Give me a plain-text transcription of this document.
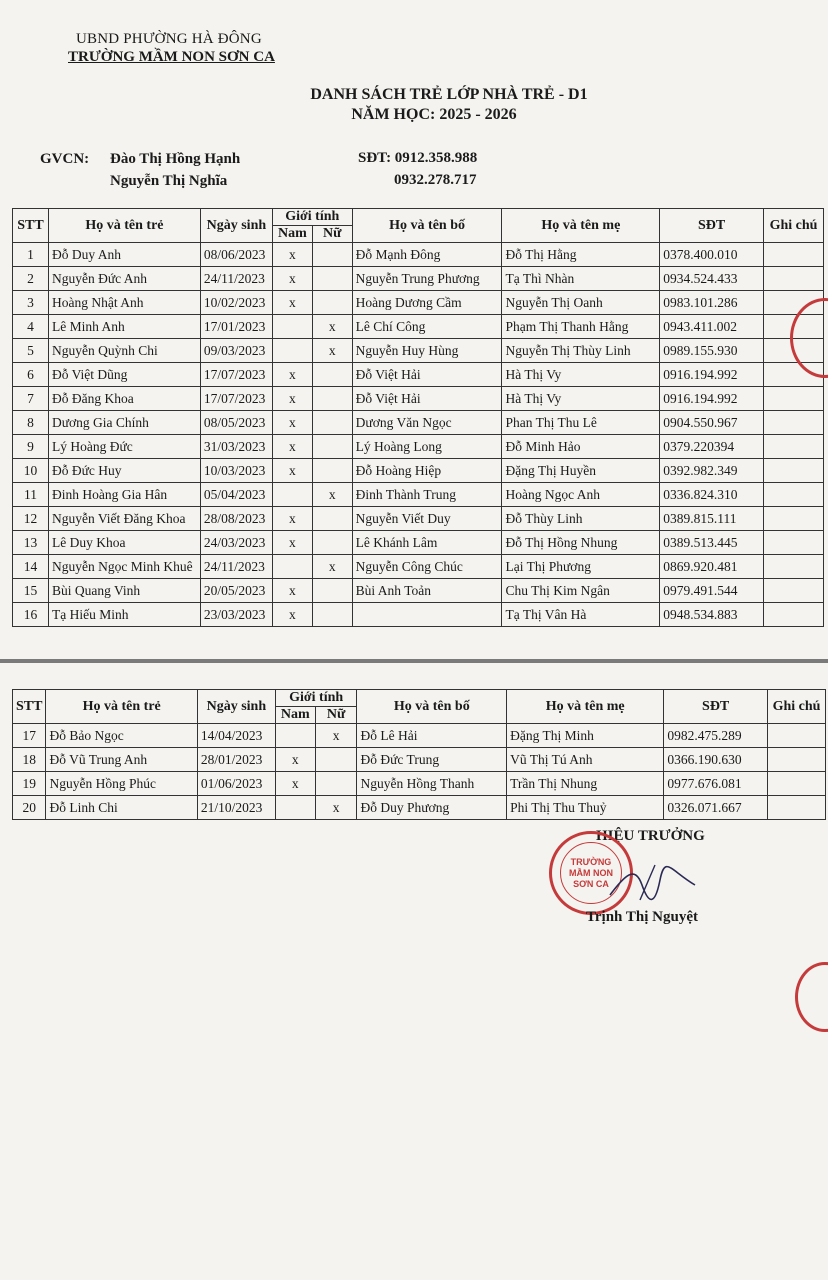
UBND PHƯỜNG HÀ ĐÔNG
TRƯỜNG MẦM NON SƠN CA
DANH SÁCH TRẺ LỚP NHÀ TRẺ - D1
NĂM HỌC: 2025 - 2026
GVCN: Đào Thị Hồng Hạnh
Nguyễn Thị Nghĩa
SĐT: 0912.358.988
0932.278.717
STT	Họ và tên trẻ	Ngày sinh	Giới tính		Họ và tên bố	Họ và tên mẹ	SĐT	Ghi chú
			Nam	Nữ				
1	Đỗ Duy Anh	08/06/2023	x		Đỗ Mạnh Đông	Đỗ Thị Hằng	0378.400.010	
2	Nguyễn Đức Anh	24/11/2023	x		Nguyễn Trung Phương	Tạ Thì Nhàn	0934.524.433	
3	Hoàng Nhật Anh	10/02/2023	x		Hoàng Dương Cầm	Nguyễn Thị Oanh	0983.101.286	
4	Lê Minh Anh	17/01/2023		x	Lê Chí Công	Phạm Thị Thanh Hằng	0943.411.002	
5	Nguyễn Quỳnh Chi	09/03/2023		x	Nguyễn Huy Hùng	Nguyễn Thị Thùy Linh	0989.155.930	
6	Đỗ Việt Dũng	17/07/2023	x		Đỗ Việt Hải	Hà Thị Vy	0916.194.992	
7	Đỗ Đăng Khoa	17/07/2023	x		Đỗ Việt Hải	Hà Thị Vy	0916.194.992	
8	Dương Gia Chính	08/05/2023	x		Dương Văn Ngọc	Phan Thị Thu Lê	0904.550.967	
9	Lý Hoàng Đức	31/03/2023	x		Lý Hoàng Long	Đỗ Minh Hảo	0379.220394	
10	Đỗ Đức Huy	10/03/2023	x		Đỗ Hoàng Hiệp	Đặng Thị Huyền	0392.982.349	
11	Đinh Hoàng Gia Hân	05/04/2023		x	Đinh Thành Trung	Hoàng Ngọc Anh	0336.824.310	
12	Nguyễn Viết Đăng Khoa	28/08/2023	x		Nguyễn Viết Duy	Đỗ Thùy Linh	0389.815.111	
13	Lê Duy Khoa	24/03/2023	x		Lê Khánh Lâm	Đỗ Thị Hồng Nhung	0389.513.445	
14	Nguyễn Ngọc Minh Khuê	24/11/2023		x	Nguyễn Công Chúc	Lại Thị Phương	0869.920.481	
15	Bùi Quang Vinh	20/05/2023	x		Bùi Anh Toản	Chu Thị Kim Ngân	0979.491.544	
16	Tạ Hiếu Minh	23/03/2023	x			Tạ Thị Vân Hà	0948.534.883	
STT	Họ và tên trẻ	Ngày sinh	Giới tính		Họ và tên bố	Họ và tên mẹ	SĐT	Ghi chú
			Nam	Nữ				
17	Đỗ Bảo Ngọc	14/04/2023		x	Đỗ Lê Hải	Đặng Thị Minh	0982.475.289	
18	Đỗ Vũ Trung Anh	28/01/2023	x		Đỗ Đức Trung	Vũ Thị Tú Anh	0366.190.630	
19	Nguyễn Hồng Phúc	01/06/2023	x		Nguyễn Hồng Thanh	Trần Thị Nhung	0977.676.081	
20	Đỗ Linh Chi	21/10/2023		x	Đỗ Duy Phương	Phi Thị Thu Thuỷ	0326.071.667	
HIỆU TRƯỞNG
TRƯỜNG
MẦM NON
SƠN CA
Trịnh Thị Nguyệt
